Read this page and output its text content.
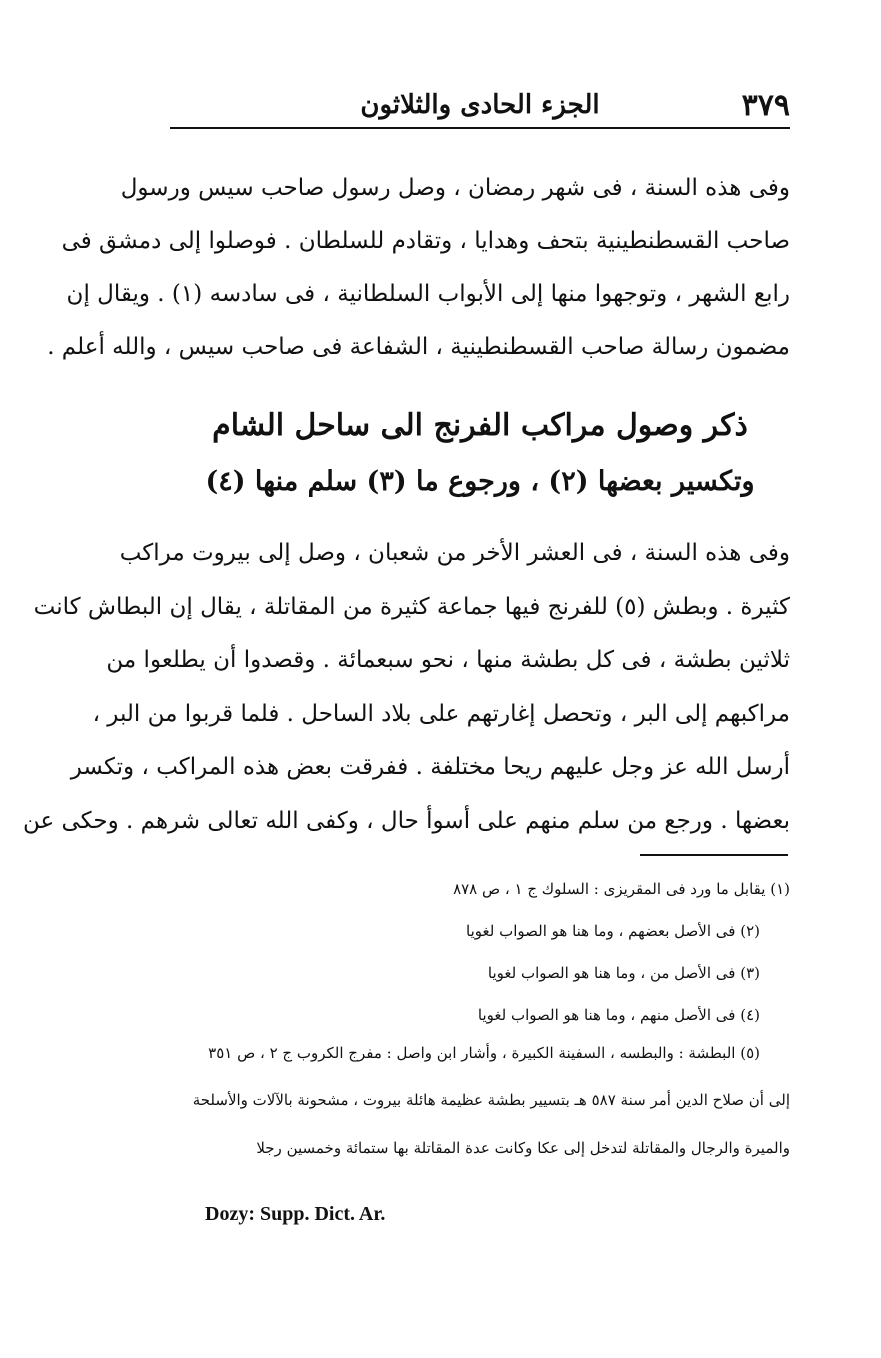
٣٧٩
الجزء الحادى والثلاثون
وفى هذه السنة ، فى شهر رمضان ، وصل رسول صاحب سيس ورسول
صاحب القسطنطينية بتحف وهدايا ، وتقادم للسلطان . فوصلوا إلى دمشق فى
رابع الشهر ، وتوجهوا منها إلى الأبواب السلطانية ، فى سادسه (١) . ويقال إن
مضمون رسالة صاحب القسطنطينية ، الشفاعة فى صاحب سيس ، والله أعلم .
ذكر وصول مراكب الفرنج الى ساحل الشام
وتكسير بعضها (٢) ، ورجوع ما (٣) سلم منها (٤)
وفى هذه السنة ، فى العشر الأخر من شعبان ، وصل إلى بيروت مراكب
كثيرة . وبطش (٥) للفرنج فيها جماعة كثيرة من المقاتلة ، يقال إن البطاش كانت
ثلاثين بطشة ، فى كل بطشة منها ، نحو سبعمائة . وقصدوا أن يطلعوا من
مراكبهم إلى البر ، وتحصل إغارتهم على بلاد الساحل . فلما قربوا من البر ،
أرسل الله عز وجل عليهم ريحا مختلفة . ففرقت بعض هذه المراكب ، وتكسر
بعضها . ورجع من سلم منهم على أسوأ حال ، وكفى الله تعالى شرهم . وحكى عن
(١) يقابل ما ورد فى المقريزى : السلوك ج ١ ، ص ٨٧٨
(٢) فى الأصل بعضهم ، وما هنا هو الصواب لغويا
(٣) فى الأصل من ، وما هنا هو الصواب لغويا
(٤) فى الأصل منهم ، وما هنا هو الصواب لغويا
(٥) البطشة : والبطسه ، السفينة الكبيرة ، وأشار ابن واصل : مفرج الكروب ج ٢ ، ص ٣٥١
إلى أن صلاح الدين أمر سنة ٥٨٧ هـ بتسيير بطشة عظيمة هائلة بيروت ، مشحونة بالآلات والأسلحة
والميرة والرجال والمقاتلة لتدخل إلى عكا وكانت عدة المقاتلة بها ستمائة وخمسين رجلا
Dozy: Supp. Dict. Ar.
